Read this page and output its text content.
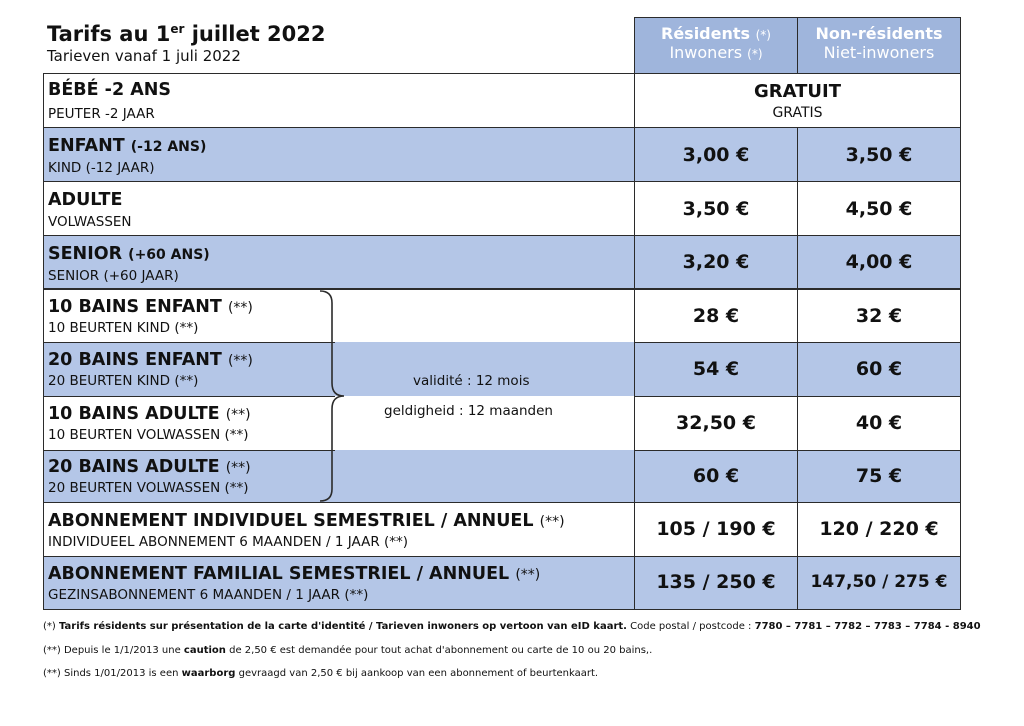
Tarifs au 1er juillet 2022
Tarieven vanaf 1 juli 2022
Résidents (*)
Inwoners (*)
Non-résidents
Niet-inwoners
BÉBÉ -2 ANS
PEUTER -2 JAAR
GRATUIT
GRATIS
ENFANT (-12 ANS)
KIND (-12 JAAR)
3,00 €	3,50 €
ADULTE
VOLWASSEN
3,50 €	4,50 €
SENIOR (+60 ANS)
SENIOR (+60 JAAR)
3,20 €	4,00 €
10 BAINS ENFANT (**)
10 BEURTEN KIND (**)
28 €	32 €
20 BAINS ENFANT (**)
20 BEURTEN KIND (**)
54 €	60 €
10 BAINS ADULTE (**)
10 BEURTEN VOLWASSEN (**)
32,50 €	40 €
20 BAINS ADULTE (**)
20 BEURTEN VOLWASSEN (**)
60 €	75 €
validité : 12 mois
geldigheid : 12 maanden
ABONNEMENT INDIVIDUEL SEMESTRIEL / ANNUEL (**)
INDIVIDUEEL ABONNEMENT 6 MAANDEN / 1 JAAR (**)
105 / 190 €	120 / 220 €
ABONNEMENT FAMILIAL SEMESTRIEL / ANNUEL (**)
GEZINSABONNEMENT 6 MAANDEN / 1 JAAR (**)
135 / 250 €	147,50 / 275 €
(*) Tarifs résidents sur présentation de la carte d'identité / Tarieven inwoners op vertoon van eID kaart. Code postal / postcode : 7780 – 7781 – 7782 – 7783 – 7784 - 8940
(**) Depuis le 1/1/2013 une caution de 2,50 € est demandée pour tout achat d'abonnement ou carte de 10 ou 20 bains,.
(**) Sinds 1/01/2013 is een waarborg gevraagd van 2,50 € bij aankoop van een abonnement of beurtenkaart.
